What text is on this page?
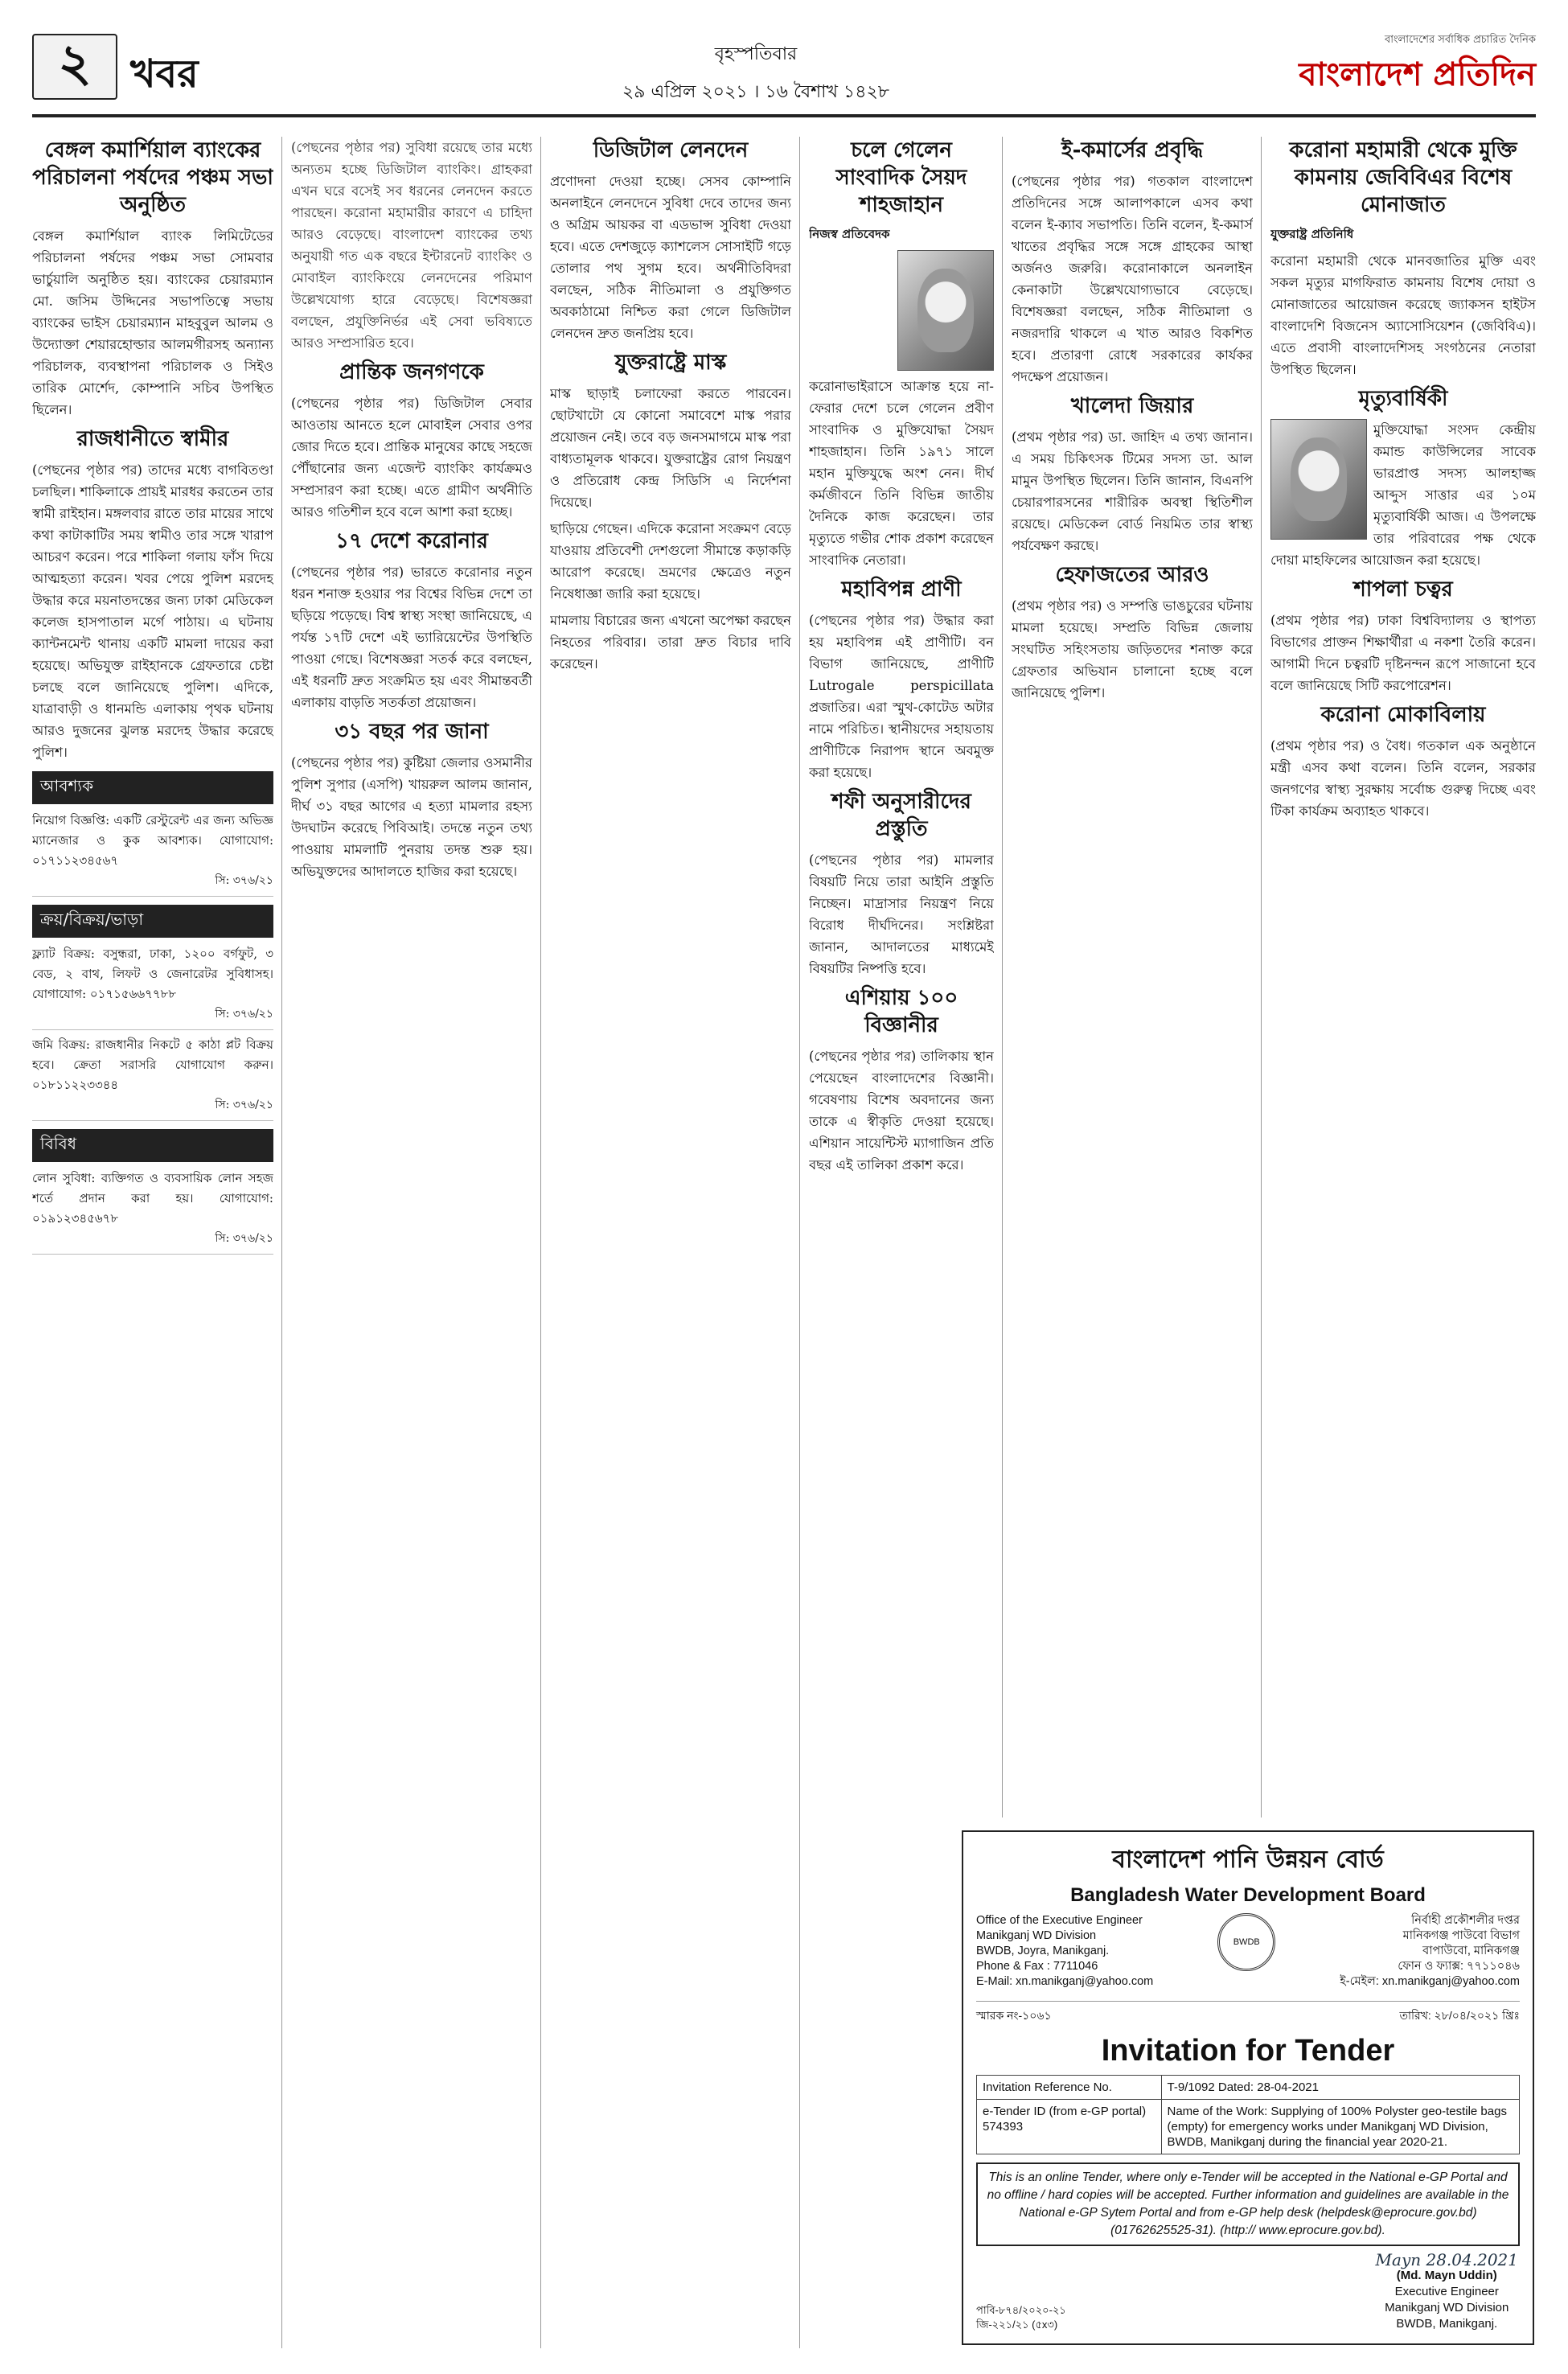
২	খবর	বৃহস্পতিবার
২৯ এপ্রিল ২০২১ । ১৬ বৈশাখ ১৪২৮
বাংলাদেশের সর্বাধিক প্রচারিত দৈনিক
বাংলাদেশ প্রতিদিন
বেঙ্গল কমার্শিয়াল ব্যাংকের পরিচালনা পর্ষদের পঞ্চম সভা অনুষ্ঠিত

বেঙ্গল কমার্শিয়াল ব্যাংক লিমিটেডের পরিচালনা পর্ষদের পঞ্চম সভা সোমবার ভার্চুয়ালি অনুষ্ঠিত হয়। ব্যাংকের চেয়ারম্যান মো. জসিম উদ্দিনের সভাপতিত্বে সভায় ব্যাংকের ভাইস চেয়ারম্যান মাহবুবুল আলম ও উদ্যোক্তা শেয়ারহোল্ডার আলমগীরসহ অন্যান্য পরিচালক, ব্যবস্থাপনা পরিচালক ও সিইও তারিক মোর্শেদ, কোম্পানি সচিব উপস্থিত ছিলেন।

রাজধানীতে স্বামীর

(পেছনের পৃষ্ঠার পর) তাদের মধ্যে বাগবিতণ্ডা চলছিল। শাকিলাকে প্রায়ই মারধর করতেন তার স্বামী রাইহান। মঙ্গলবার রাতে তার মায়ের সাথে কথা কাটাকাটির সময় স্বামীও তার সঙ্গে খারাপ আচরণ করেন। পরে শাকিলা গলায় ফাঁস দিয়ে আত্মহত্যা করেন। খবর পেয়ে পুলিশ মরদেহ উদ্ধার করে ময়নাতদন্তের জন্য ঢাকা মেডিকেল কলেজ হাসপাতাল মর্গে পাঠায়। এ ঘটনায় ক্যান্টনমেন্ট থানায় একটি মামলা দায়ের করা হয়েছে। অভিযুক্ত রাইহানকে গ্রেফতারে চেষ্টা চলছে বলে জানিয়েছে পুলিশ। এদিকে, যাত্রাবাড়ী ও ধানমন্ডি এলাকায় পৃথক ঘটনায় আরও দুজনের ঝুলন্ত মরদেহ উদ্ধার করেছে পুলিশ।

আবশ্যক
নিয়োগ বিজ্ঞপ্তি: একটি রেস্টুরেন্ট এর জন্য অভিজ্ঞ ম্যানেজার ও কুক আবশ্যক। যোগাযোগ: ০১৭১১২৩৪৫৬৭
সি: ৩৭৬/২১
ক্রয়/বিক্রয়/ভাড়া
ফ্ল্যাট বিক্রয়: বসুন্ধরা, ঢাকা, ১২০০ বর্গফুট, ৩ বেড, ২ বাথ, লিফট ও জেনারেটর সুবিধাসহ। যোগাযোগ: ০১৭১৫৬৬৭৭৮৮
সি: ৩৭৬/২১
জমি বিক্রয়: রাজধানীর নিকটে ৫ কাঠা প্লট বিক্রয় হবে। ক্রেতা সরাসরি যোগাযোগ করুন। ০১৮১১২২৩৩৪৪
সি: ৩৭৬/২১
বিবিধ
লোন সুবিধা: ব্যক্তিগত ও ব্যবসায়িক লোন সহজ শর্তে প্রদান করা হয়। যোগাযোগ: ০১৯১২৩৪৫৬৭৮
সি: ৩৭৬/২১

(পেছনের পৃষ্ঠার পর) সুবিধা রয়েছে তার মধ্যে অন্যতম হচ্ছে ডিজিটাল ব্যাংকিং। গ্রাহকরা এখন ঘরে বসেই সব ধরনের লেনদেন করতে পারছেন। করোনা মহামারীর কারণে এ চাহিদা আরও বেড়েছে। বাংলাদেশ ব্যাংকের তথ্য অনুযায়ী গত এক বছরে ইন্টারনেট ব্যাংকিং ও মোবাইল ব্যাংকিংয়ে লেনদেনের পরিমাণ উল্লেখযোগ্য হারে বেড়েছে। বিশেষজ্ঞরা বলছেন, প্রযুক্তিনির্ভর এই সেবা ভবিষ্যতে আরও সম্প্রসারিত হবে।

প্রান্তিক জনগণকে

(পেছনের পৃষ্ঠার পর) ডিজিটাল সেবার আওতায় আনতে হলে মোবাইল সেবার ওপর জোর দিতে হবে। প্রান্তিক মানুষের কাছে সহজে পৌঁছানোর জন্য এজেন্ট ব্যাংকিং কার্যক্রমও সম্প্রসারণ করা হচ্ছে। এতে গ্রামীণ অর্থনীতি আরও গতিশীল হবে বলে আশা করা হচ্ছে।

১৭ দেশে করোনার

(পেছনের পৃষ্ঠার পর) ভারতে করোনার নতুন ধরন শনাক্ত হওয়ার পর বিশ্বের বিভিন্ন দেশে তা ছড়িয়ে পড়েছে। বিশ্ব স্বাস্থ্য সংস্থা জানিয়েছে, এ পর্যন্ত ১৭টি দেশে এই ভ্যারিয়েন্টের উপস্থিতি পাওয়া গেছে। বিশেষজ্ঞরা সতর্ক করে বলছেন, এই ধরনটি দ্রুত সংক্রমিত হয় এবং সীমান্তবর্তী এলাকায় বাড়তি সতর্কতা প্রয়োজন।

৩১ বছর পর জানা

(পেছনের পৃষ্ঠার পর) কুষ্টিয়া জেলার ওসমানীর পুলিশ সুপার (এসপি) খায়রুল আলম জানান, দীর্ঘ ৩১ বছর আগের এ হত্যা মামলার রহস্য উদঘাটন করেছে পিবিআই। তদন্তে নতুন তথ্য পাওয়ায় মামলাটি পুনরায় তদন্ত শুরু হয়। অভিযুক্তদের আদালতে হাজির করা হয়েছে।

ডিজিটাল লেনদেন

প্রণোদনা দেওয়া হচ্ছে। সেসব কোম্পানি অনলাইনে লেনদেনে সুবিধা দেবে তাদের জন্য ও অগ্রিম আয়কর বা এডভান্স সুবিধা দেওয়া হবে। এতে দেশজুড়ে ক্যাশলেস সোসাইটি গড়ে তোলার পথ সুগম হবে। অর্থনীতিবিদরা বলছেন, সঠিক নীতিমালা ও প্রযুক্তিগত অবকাঠামো নিশ্চিত করা গেলে ডিজিটাল লেনদেন দ্রুত জনপ্রিয় হবে।

যুক্তরাষ্ট্রে মাস্ক

মাস্ক ছাড়াই চলাফেরা করতে পারবেন। ছোটখাটো যে কোনো সমাবেশে মাস্ক পরার প্রয়োজন নেই। তবে বড় জনসমাগমে মাস্ক পরা বাধ্যতামূলক থাকবে। যুক্তরাষ্ট্রের রোগ নিয়ন্ত্রণ ও প্রতিরোধ কেন্দ্র সিডিসি এ নির্দেশনা দিয়েছে।

ছাড়িয়ে গেছেন। এদিকে করোনা সংক্রমণ বেড়ে যাওয়ায় প্রতিবেশী দেশগুলো সীমান্তে কড়াকড়ি আরোপ করেছে। ভ্রমণের ক্ষেত্রেও নতুন নিষেধাজ্ঞা জারি করা হয়েছে।

মামলায় বিচারের জন্য এখনো অপেক্ষা করছেন নিহতের পরিবার। তারা দ্রুত বিচার দাবি করেছেন।

চলে গেলেন সাংবাদিক সৈয়দ শাহজাহান
নিজস্ব প্রতিবেদক

করোনাভাইরাসে আক্রান্ত হয়ে না-ফেরার দেশে চলে গেলেন প্রবীণ সাংবাদিক ও মুক্তিযোদ্ধা সৈয়দ শাহজাহান। তিনি ১৯৭১ সালে মহান মুক্তিযুদ্ধে অংশ নেন। দীর্ঘ কর্মজীবনে তিনি বিভিন্ন জাতীয় দৈনিকে কাজ করেছেন। তার মৃত্যুতে গভীর শোক প্রকাশ করেছেন সাংবাদিক নেতারা।

মহাবিপন্ন প্রাণী

(পেছনের পৃষ্ঠার পর) উদ্ধার করা হয় মহাবিপন্ন এই প্রাণীটি। বন বিভাগ জানিয়েছে, প্রাণীটি Lutrogale perspicillata প্রজাতির। এরা স্মুথ-কোটেড অটার নামে পরিচিত। স্থানীয়দের সহায়তায় প্রাণীটিকে নিরাপদ স্থানে অবমুক্ত করা হয়েছে।

শফী অনুসারীদের প্রস্তুতি

(পেছনের পৃষ্ঠার পর) মামলার বিষয়টি নিয়ে তারা আইনি প্রস্তুতি নিচ্ছেন। মাদ্রাসার নিয়ন্ত্রণ নিয়ে বিরোধ দীর্ঘদিনের। সংশ্লিষ্টরা জানান, আদালতের মাধ্যমেই বিষয়টির নিষ্পত্তি হবে।

এশিয়ায় ১০০ বিজ্ঞানীর

(পেছনের পৃষ্ঠার পর) তালিকায় স্থান পেয়েছেন বাংলাদেশের বিজ্ঞানী। গবেষণায় বিশেষ অবদানের জন্য তাকে এ স্বীকৃতি দেওয়া হয়েছে। এশিয়ান সায়েন্টিস্ট ম্যাগাজিন প্রতি বছর এই তালিকা প্রকাশ করে।

ই-কমার্সের প্রবৃদ্ধি

(পেছনের পৃষ্ঠার পর) গতকাল বাংলাদেশ প্রতিদিনের সঙ্গে আলাপকালে এসব কথা বলেন ই-ক্যাব সভাপতি। তিনি বলেন, ই-কমার্স খাতের প্রবৃদ্ধির সঙ্গে সঙ্গে গ্রাহকের আস্থা অর্জনও জরুরি। করোনাকালে অনলাইন কেনাকাটা উল্লেখযোগ্যভাবে বেড়েছে। বিশেষজ্ঞরা বলছেন, সঠিক নীতিমালা ও নজরদারি থাকলে এ খাত আরও বিকশিত হবে। প্রতারণা রোধে সরকারের কার্যকর পদক্ষেপ প্রয়োজন।

খালেদা জিয়ার

(প্রথম পৃষ্ঠার পর) ডা. জাহিদ এ তথ্য জানান। এ সময় চিকিৎসক টিমের সদস্য ডা. আল মামুন উপস্থিত ছিলেন। তিনি জানান, বিএনপি চেয়ারপারসনের শারীরিক অবস্থা স্থিতিশীল রয়েছে। মেডিকেল বোর্ড নিয়মিত তার স্বাস্থ্য পর্যবেক্ষণ করছে।

হেফাজতের আরও

(প্রথম পৃষ্ঠার পর) ও সম্পত্তি ভাঙচুরের ঘটনায় মামলা হয়েছে। সম্প্রতি বিভিন্ন জেলায় সংঘটিত সহিংসতায় জড়িতদের শনাক্ত করে গ্রেফতার অভিযান চালানো হচ্ছে বলে জানিয়েছে পুলিশ।

করোনা মহামারী থেকে মুক্তি কামনায় জেবিবিএর বিশেষ মোনাজাত
যুক্তরাষ্ট্র প্রতিনিধি

করোনা মহামারী থেকে মানবজাতির মুক্তি এবং সকল মৃত্যুর মাগফিরাত কামনায় বিশেষ দোয়া ও মোনাজাতের আয়োজন করেছে জ্যাকসন হাইটস বাংলাদেশি বিজনেস অ্যাসোসিয়েশন (জেবিবিএ)। এতে প্রবাসী বাংলাদেশিসহ সংগঠনের নেতারা উপস্থিত ছিলেন।

মৃত্যুবার্ষিকী

মুক্তিযোদ্ধা সংসদ কেন্দ্রীয় কমান্ড কাউন্সিলের সাবেক ভারপ্রাপ্ত সদস্য আলহাজ্জ আব্দুস সাত্তার এর ১০ম মৃত্যুবার্ষিকী আজ। এ উপলক্ষে তার পরিবারের পক্ষ থেকে দোয়া মাহফিলের আয়োজন করা হয়েছে।

শাপলা চত্বর

(প্রথম পৃষ্ঠার পর) ঢাকা বিশ্ববিদ্যালয় ও স্থাপত্য বিভাগের প্রাক্তন শিক্ষার্থীরা এ নকশা তৈরি করেন। আগামী দিনে চত্বরটি দৃষ্টিনন্দন রূপে সাজানো হবে বলে জানিয়েছে সিটি করপোরেশন।

করোনা মোকাবিলায়

(প্রথম পৃষ্ঠার পর) ও বৈধ। গতকাল এক অনুষ্ঠানে মন্ত্রী এসব কথা বলেন। তিনি বলেন, সরকার জনগণের স্বাস্থ্য সুরক্ষায় সর্বোচ্চ গুরুত্ব দিচ্ছে এবং টিকা কার্যক্রম অব্যাহত থাকবে।

বাংলাদেশ পানি উন্নয়ন বোর্ড
Bangladesh Water Development Board
Office of the Executive Engineer
Manikganj WD Division
BWDB, Joyra, Manikganj.
Phone & Fax : 7711046
E-Mail: xn.manikganj@yahoo.com
BWDB
নির্বাহী প্রকৌশলীর দপ্তর
মানিকগঞ্জ পাউবো বিভাগ
বাপাউবো, মানিকগঞ্জ
ফোন ও ফ্যাক্স: ৭৭১১০৪৬
ই-মেইল: xn.manikganj@yahoo.com
স্মারক নং-১০৬১	তারিখ: ২৮/০৪/২০২১ খ্রিঃ
Invitation for Tender
Invitation Reference No.	T-9/1092 Dated: 28-04-2021
e-Tender ID (from e-GP portal) 574393	Name of the Work: Supplying of 100% Polyster geo-testile bags (empty) for emergency works under Manikganj WD Division, BWDB, Manikganj during the financial year 2020-21.
This is an online Tender, where only e-Tender will be accepted in the National e-GP Portal and no offline / hard copies will be accepted. Further information and guidelines are available in the National e-GP Sytem Portal and from e-GP help desk (helpdesk@eprocure.gov.bd) (01762625525-31). (http:// www.eprocure.gov.bd).
পাবি-৮৭৪/২০২০-২১
জি-২২১/২১ (৫x৩)
Mayn 28.04.2021
(Md. Mayn Uddin)
Executive Engineer
Manikganj WD Division
BWDB, Manikganj.
